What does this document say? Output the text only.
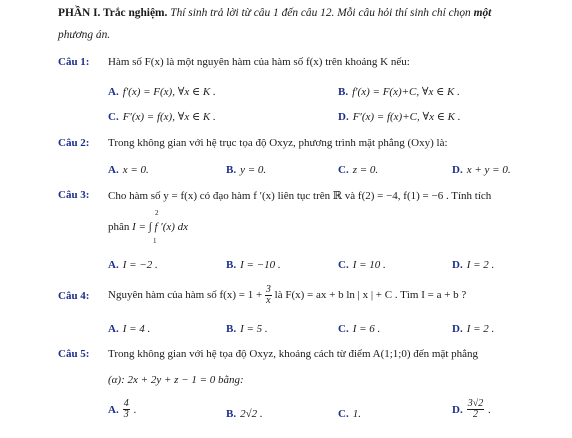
PHẦN I. Trắc nghiệm. Thí sinh trả lời từ câu 1 đến câu 12. Mỗi câu hỏi thí sinh chỉ chọn một
phương án.
Câu 1: Hàm số F(x) là một nguyên hàm của hàm số f(x) trên khoảng K nếu:
A. f′(x) = F(x), ∀x ∈ K .	B. f′(x) = F(x)+C, ∀x ∈ K .
C. F′(x) = f(x), ∀x ∈ K .	D. F′(x) = f(x)+C, ∀x ∈ K .
Câu 2: Trong không gian với hệ trục tọa độ Oxyz, phương trình mặt phẳng (Oxy) là:
A. x = 0.	B. y = 0.	C. z = 0.	D. x + y = 0.
Câu 3: Cho hàm số y = f(x) có đạo hàm f ′(x) liên tục trên ℝ và f(2) = −4, f(1) = −6 . Tính tích
phân I = ∫ f ′(x) dx
2
1
A. I = −2 .	B. I = −10 .	C. I = 10 .	D. I = 2 .
Câu 4: Nguyên hàm của hàm số $f(x) = 1 + \frac{3}{x}$ là F(x) = ax + b ln | x | + C . Tìm I = a + b ?
A. I = 4 .	B. I = 5 .	C. I = 6 .	D. I = 2 .
Câu 5: Trong không gian với hệ tọa độ Oxyz, khoảng cách từ điểm A(1;1;0) đến mặt phẳng
(α): 2x + 2y + z − 1 = 0 bằng:
A. $\frac{4}{3}$ .	B. 2√2 .	C. 1.	D. $\frac{3√2}{2}$ .
